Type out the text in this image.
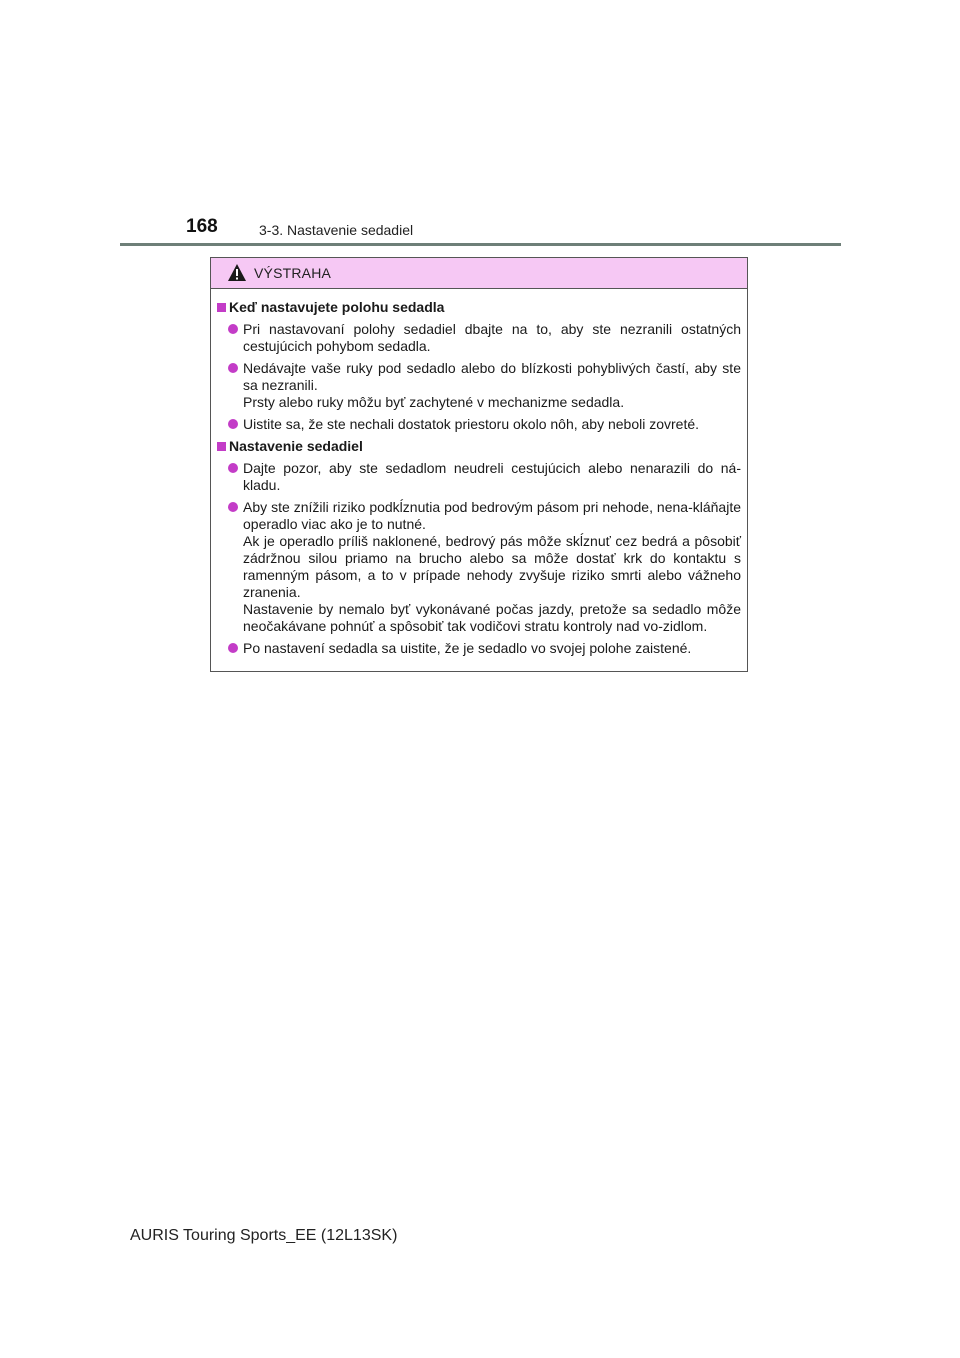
168	3-3. Nastavenie sedadiel
VÝSTRAHA
Keď nastavujete polohu sedadla
Pri nastavovaní polohy sedadiel dbajte na to, aby ste nezranili ostatných cestujúcich pohybom sedadla.
Nedávajte vaše ruky pod sedadlo alebo do blízkosti pohyblivých častí, aby ste sa nezranili.
Prsty alebo ruky môžu byť zachytené v mechanizme sedadla.
Uistite sa, že ste nechali dostatok priestoru okolo nôh, aby neboli zovreté.
Nastavenie sedadiel
Dajte pozor, aby ste sedadlom neudreli cestujúcich alebo nenarazili do ná-kladu.
Aby ste znížili riziko podkĺznutia pod bedrovým pásom pri nehode, nena-kláňajte operadlo viac ako je to nutné.
Ak je operadlo príliš naklonené, bedrový pás môže skĺznuť cez bedrá a pôsobiť zádržnou silou priamo na brucho alebo sa môže dostať krk do kontaktu s ramenným pásom, a to v prípade nehody zvyšuje riziko smrti alebo vážneho zranenia.
Nastavenie by nemalo byť vykonávané počas jazdy, pretože sa sedadlo môže neočakávane pohnúť a spôsobiť tak vodičovi stratu kontroly nad vo-zidlom.
Po nastavení sedadla sa uistite, že je sedadlo vo svojej polohe zaistené.
AURIS Touring Sports_EE (12L13SK)
